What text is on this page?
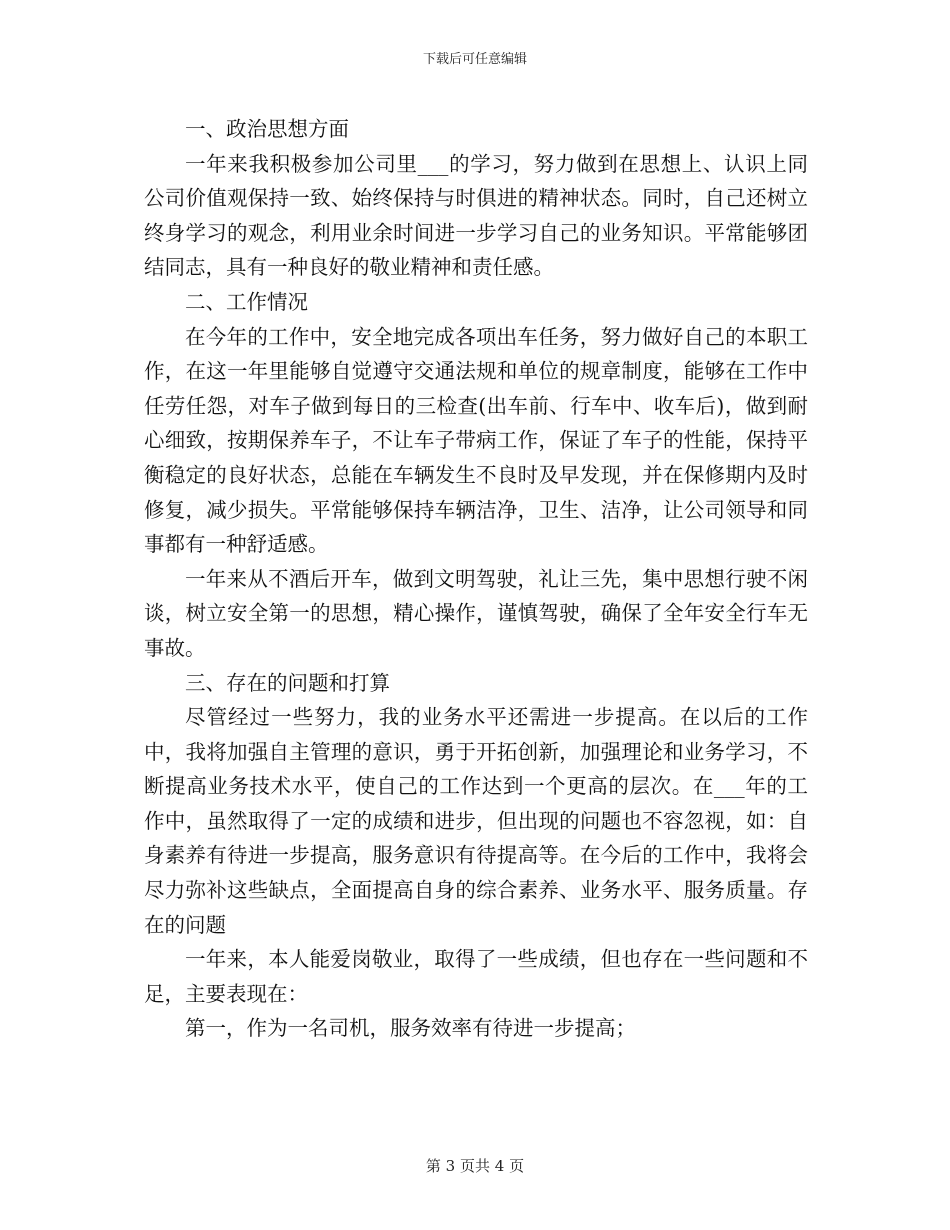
下载后可任意编辑

一、政治思想方面

一年来我积极参加公司里___的学习，努力做到在思想上、认识上同公司价值观保持一致、始终保持与时俱进的精神状态。同时，自己还树立终身学习的观念，利用业余时间进一步学习自己的业务知识。平常能够团结同志，具有一种良好的敬业精神和责任感。

二、工作情况

在今年的工作中，安全地完成各项出车任务，努力做好自己的本职工作，在这一年里能够自觉遵守交通法规和单位的规章制度，能够在工作中任劳任怨，对车子做到每日的三检查(出车前、行车中、收车后)，做到耐心细致，按期保养车子，不让车子带病工作，保证了车子的性能，保持平衡稳定的良好状态，总能在车辆发生不良时及早发现，并在保修期内及时修复，减少损失。平常能够保持车辆洁净，卫生、洁净，让公司领导和同事都有一种舒适感。

一年来从不酒后开车，做到文明驾驶，礼让三先，集中思想行驶不闲谈，树立安全第一的思想，精心操作，谨慎驾驶，确保了全年安全行车无事故。

三、存在的问题和打算

尽管经过一些努力，我的业务水平还需进一步提高。在以后的工作中，我将加强自主管理的意识，勇于开拓创新，加强理论和业务学习，不断提高业务技术水平，使自己的工作达到一个更高的层次。在___年的工作中，虽然取得了一定的成绩和进步，但出现的问题也不容忽视，如：自身素养有待进一步提高，服务意识有待提高等。在今后的工作中，我将会尽力弥补这些缺点，全面提高自身的综合素养、业务水平、服务质量。存在的问题

一年来，本人能爱岗敬业，取得了一些成绩，但也存在一些问题和不足，主要表现在：

第一，作为一名司机，服务效率有待进一步提高；

第 3 页共 4 页
